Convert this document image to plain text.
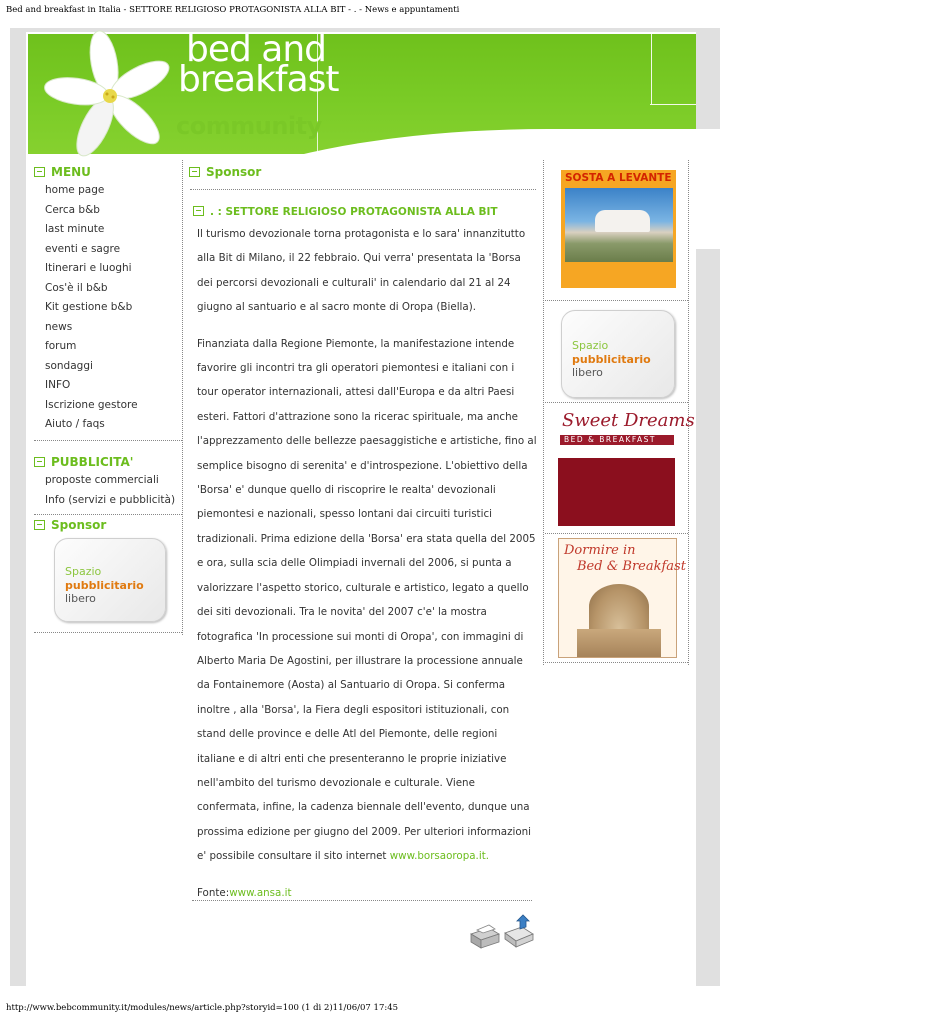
Bed and breakfast in Italia - SETTORE RELIGIOSO PROTAGONISTA ALLA BIT - . - News e appuntamenti
bed and
breakfast
community
MENU
home page
Cerca b&b
last minute
eventi e sagre
Itinerari e luoghi
Cos'è il b&b
Kit gestione b&b
news
forum
sondaggi
INFO
Iscrizione gestore
Aiuto / faqs
PUBBLICITA'
proposte commerciali
Info (servizi e pubblicità)
Sponsor
Spazio
pubblicitario libero
Sponsor
. : SETTORE RELIGIOSO PROTAGONISTA ALLA BIT

Il turismo devozionale torna protagonista e lo sara' innanzitutto alla Bit di Milano, il 22 febbraio. Qui verra' presentata la 'Borsa dei percorsi devozionali e culturali' in calendario dal 21 al 24 giugno al santuario e al sacro monte di Oropa (Biella).

Finanziata dalla Regione Piemonte, la manifestazione intende favorire gli incontri tra gli operatori piemontesi e italiani con i tour operator internazionali, attesi dall'Europa e da altri Paesi esteri. Fattori d'attrazione sono la ricerac spirituale, ma anche l'apprezzamento delle bellezze paesaggistiche e artistiche, fino al semplice bisogno di serenita' e d'introspezione. L'obiettivo della 'Borsa' e' dunque quello di riscoprire le realta' devozionali piemontesi e nazionali, spesso lontani dai circuiti turistici tradizionali. Prima edizione della 'Borsa' era stata quella del 2005 e ora, sulla scia delle Olimpiadi invernali del 2006, si punta a valorizzare l'aspetto storico, culturale e artistico, legato a quello dei siti devozionali. Tra le novita' del 2007 c'e' la mostra fotografica 'In processione sui monti di Oropa', con immagini di Alberto Maria De Agostini, per illustrare la processione annuale da Fontainemore (Aosta) al Santuario di Oropa. Si conferma inoltre , alla 'Borsa', la Fiera degli espositori istituzionali, con stand delle province e delle Atl del Piemonte, delle regioni italiane e di altri enti che presenteranno le proprie iniziative nell'ambito del turismo devozionale e culturale. Viene confermata, infine, la cadenza biennale dell'evento, dunque una prossima edizione per giugno del 2009. Per ulteriori informazioni e' possibile consultare il sito internet www.borsaoropa.it.

Fonte:www.ansa.it

SOSTA A LEVANTE
Spazio
pubblicitario libero
Sweet Dreams
BED & BREAKFAST
Dormire in
Bed & Breakfast
http://www.bebcommunity.it/modules/news/article.php?storyid=100 (1 di 2)11/06/07 17:45
